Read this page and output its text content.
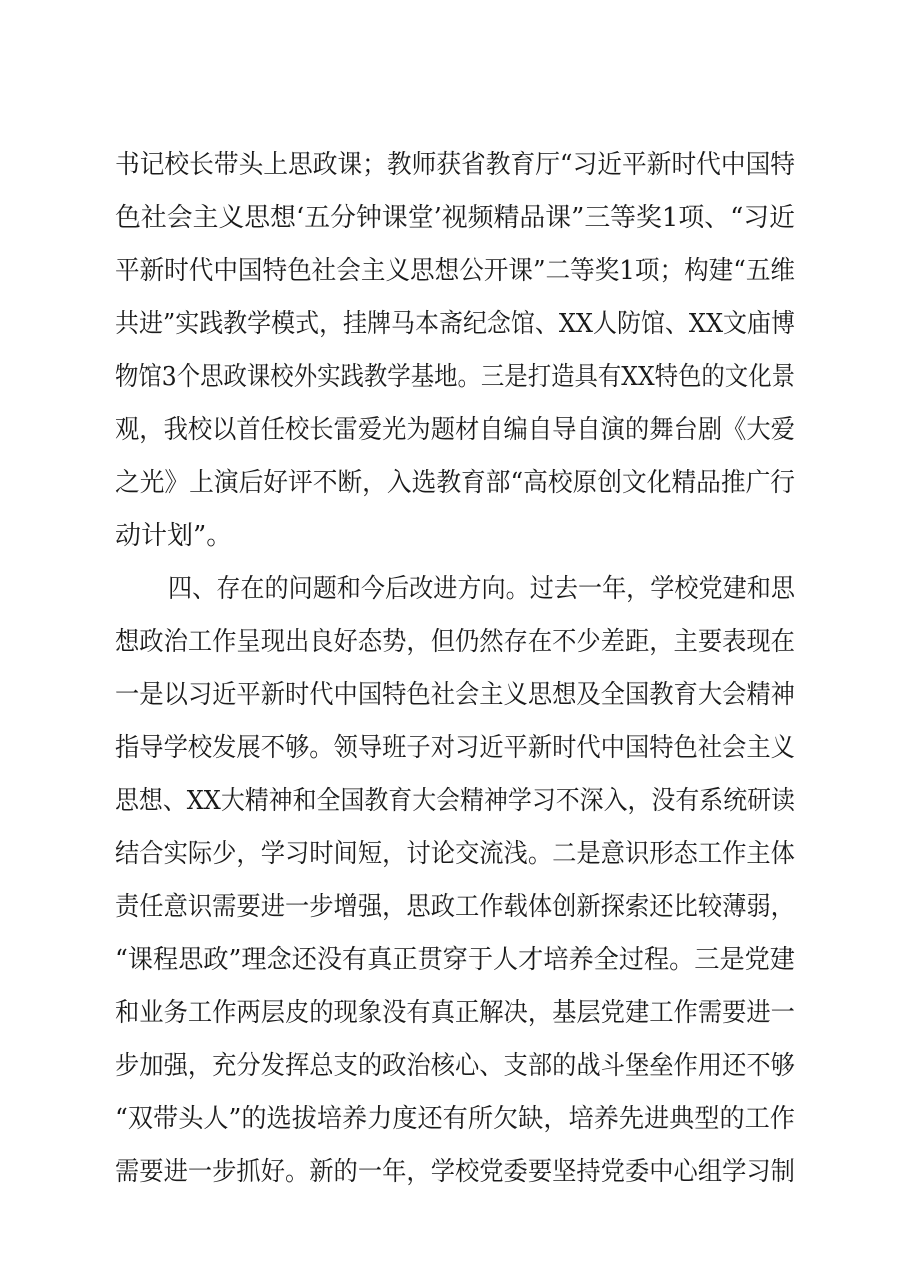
书记校长带头上思政课；教师获省教育厅“习近平新时代中国特

色社会主义思想‘五分钟课堂’视频精品课”三等奖1项、“习近

平新时代中国特色社会主义思想公开课”二等奖1项；构建“五维

共进”实践教学模式，挂牌马本斋纪念馆、XX人防馆、XX文庙博

物馆3个思政课校外实践教学基地。三是打造具有XX特色的文化景

观，我校以首任校长雷爱光为题材自编自导自演的舞台剧《大爱

之光》上演后好评不断，入选教育部“高校原创文化精品推广行

动计划”。

四、存在的问题和今后改进方向。过去一年，学校党建和思

想政治工作呈现出良好态势，但仍然存在不少差距，主要表现在

一是以习近平新时代中国特色社会主义思想及全国教育大会精神

指导学校发展不够。领导班子对习近平新时代中国特色社会主义

思想、XX大精神和全国教育大会精神学习不深入，没有系统研读

结合实际少，学习时间短，讨论交流浅。二是意识形态工作主体

责任意识需要进一步增强，思政工作载体创新探索还比较薄弱，

“课程思政”理念还没有真正贯穿于人才培养全过程。三是党建

和业务工作两层皮的现象没有真正解决，基层党建工作需要进一

步加强，充分发挥总支的政治核心、支部的战斗堡垒作用还不够

“双带头人”的选拔培养力度还有所欠缺，培养先进典型的工作

需要进一步抓好。新的一年，学校党委要坚持党委中心组学习制
